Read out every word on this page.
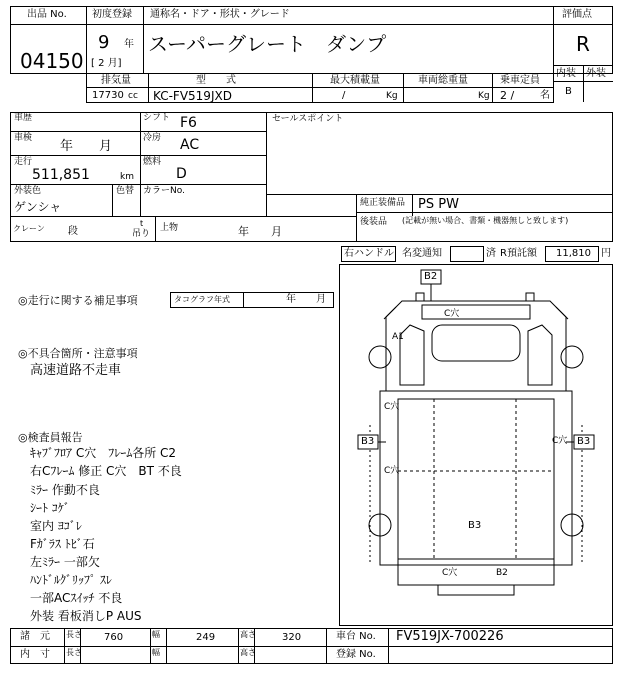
出品 No.
04150
初度登録 通称名・ドア・形状・グレード	評価点
9 年
[ 2 月]
スーパーグレート　ダンプ	R
内装 外装
B
排気量	型　　式	最大積載量	車両総重量	乗車定員
17730 cc KC-FV519JXD	/	Kg	Kg 2 /	名
車歴	シフト F6	セールスポイント
車検
年　　月
冷房 AC
走行
511,851	km
燃料
D
外装色	色替 カラーNo.
ゲンシャ	純正装備品 PS PW
後装品 (記載が無い場合、書類・機器無しと致します)
クレーン 段
t
吊り
上物	年　　月
右ハンドル 名変通知	済 R預託額 11,810 円
◎走行に関する補足事項	タコグラフ年式	年　　月
◎不具合箇所・注意事項
高速道路不走車
◎検査員報告
ｷｬﾌﾞﾌﾛｱ C穴　ﾌﾚｰﾑ各所 C2
右Cﾌﾚｰﾑ 修正 C穴　BT 不良
ﾐﾗｰ 作動不良
ｼｰﾄ ｺｹﾞ
室内 ﾖｺﾞﾚ
Fｶﾞﾗｽ ﾄﾋﾞ石
左ﾐﾗｰ 一部欠
ﾊﾝﾄﾞﾙｸﾞﾘｯﾌﾟ ｽﾚ
一部ACｽｲｯﾁ 不良
外装 看板消しP AUS
B2
C穴
A1
C穴
C穴
B3	B3
B3
C穴
C穴	B2
諸　元 長さ 760	幅	249	高さ	320	車台 No. FV519JX-700226
内　寸 長さ	幅	高さ	登録 No.
